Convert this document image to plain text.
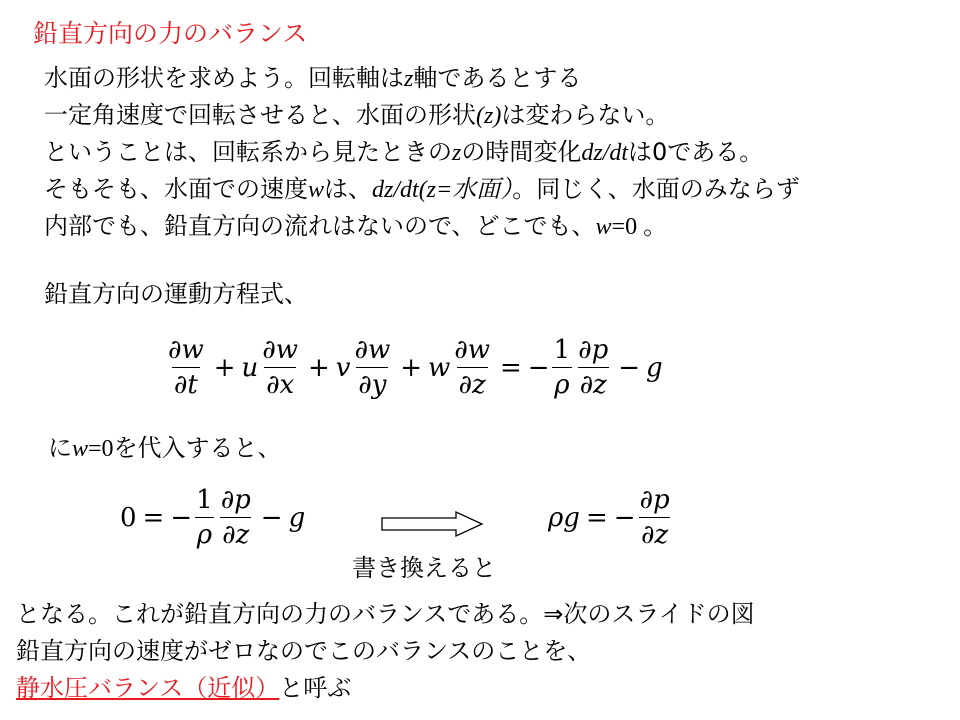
鉛直方向の力のバランス
水面の形状を求めよう。回転軸はz軸であるとする
一定角速度で回転させると、水面の形状(z)は変わらない。
ということは、回転系から見たときのzの時間変化dz/dtは0である。
そもそも、水面での速度wは、dz/dt(z=水面）。同じく、水面のみならず
内部でも、鉛直方向の流れはないので、どこでも、w=0 。
鉛直方向の運動方程式、
$\frac{\partial w}{\partial t} + u \frac{\partial w}{\partial x} + v \frac{\partial w}{\partial y} + w \frac{\partial w}{\partial z}$ = − $\frac{1}{\rho} \frac{\partial p}{\partial z} - g$
にw=0を代入すると、
0 = − $\frac{1}{\rho} \frac{\partial p}{\partial z} - g$
書き換えると
ρ g = − $\frac{\partial p}{\partial z}$
となる。これが鉛直方向の力のバランスである。⇒次のスライドの図
鉛直方向の速度がゼロなのでこのバランスのことを、
静水圧バランス（近似）と呼ぶ
